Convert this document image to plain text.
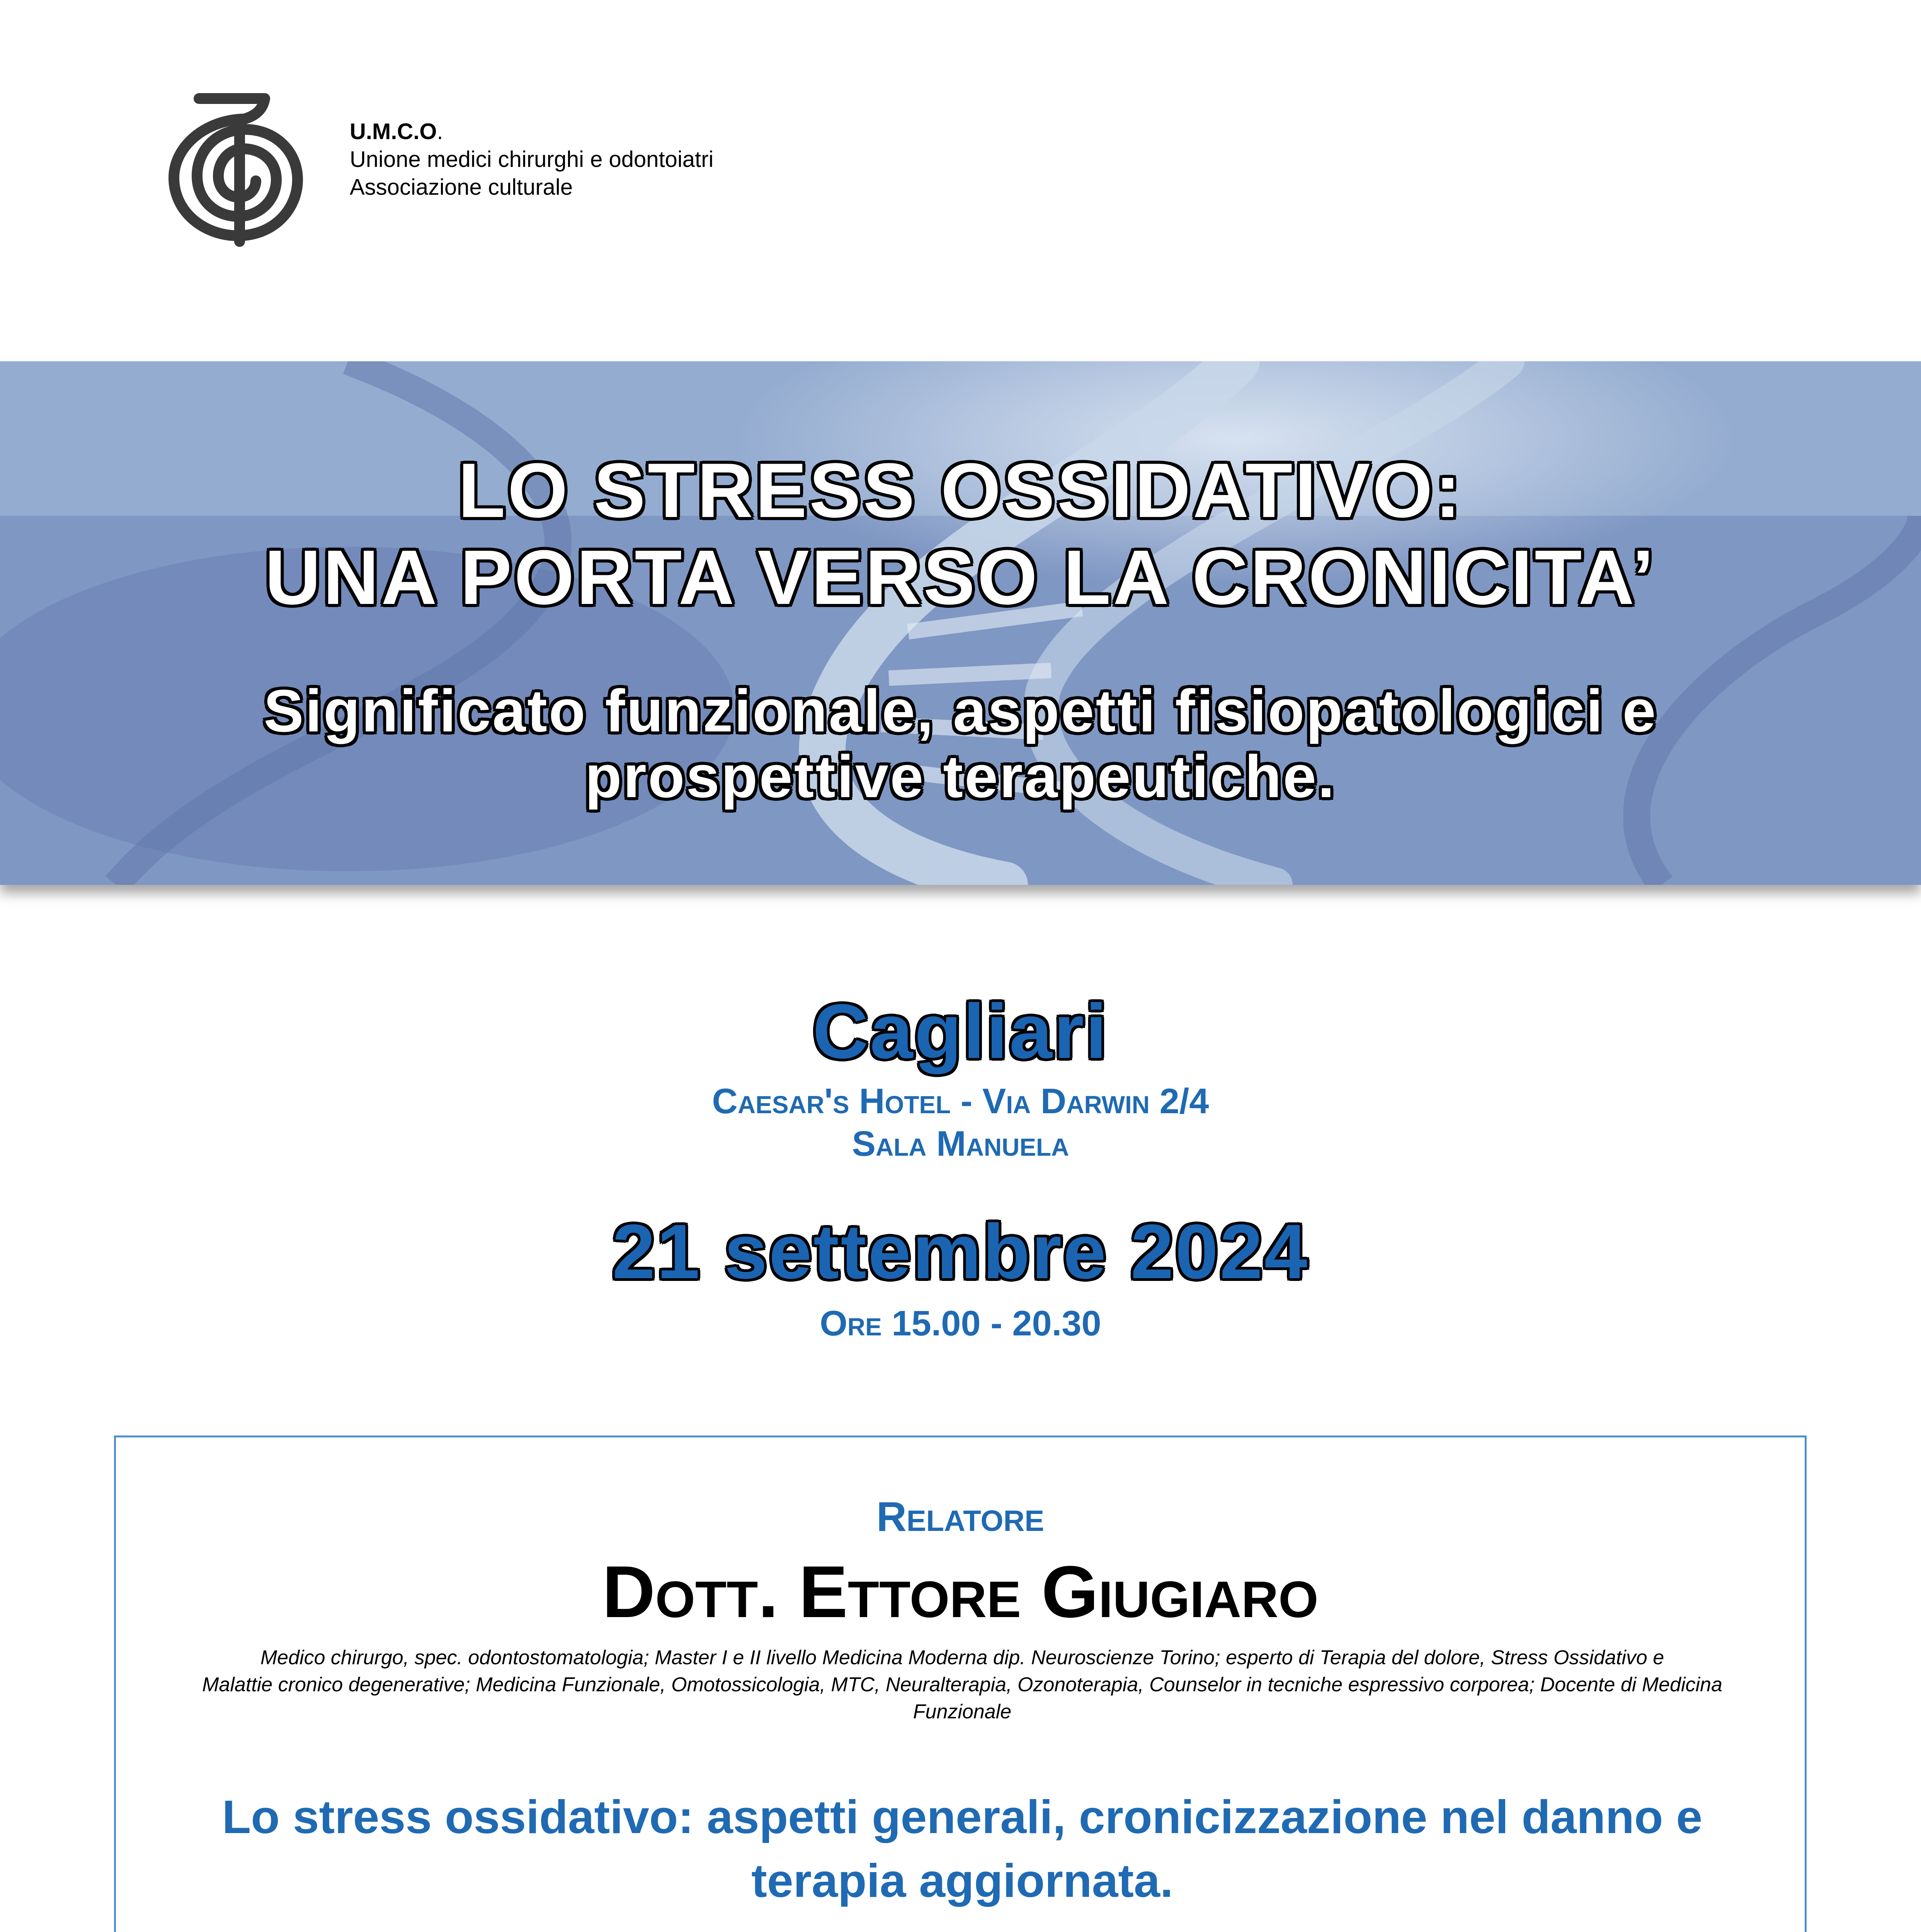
U.M.C.O.
Unione medici chirurghi e odontoiatri
Associazione culturale
LO STRESS OSSIDATIVO:
UNA PORTA VERSO LA CRONICITA’
Significato funzionale, aspetti fisiopatologici e
prospettive terapeutiche.
Cagliari
Caesar's Hotel - Via Darwin 2/4
Sala Manuela
21 settembre 2024
Ore 15.00 - 20.30
Relatore
Dott. Ettore Giugiaro
Medico chirurgo, spec. odontostomatologia; Master I e II livello Medicina Moderna dip. Neuroscienze Torino; esperto di Terapia del dolore, Stress Ossidativo e
Malattie cronico degenerative; Medicina Funzionale, Omotossicologia, MTC, Neuralterapia, Ozonoterapia, Counselor in tecniche espressivo corporea; Docente di Medicina
Funzionale
Lo stress ossidativo: aspetti generali, cronicizzazione nel danno e
terapia aggiornata.
